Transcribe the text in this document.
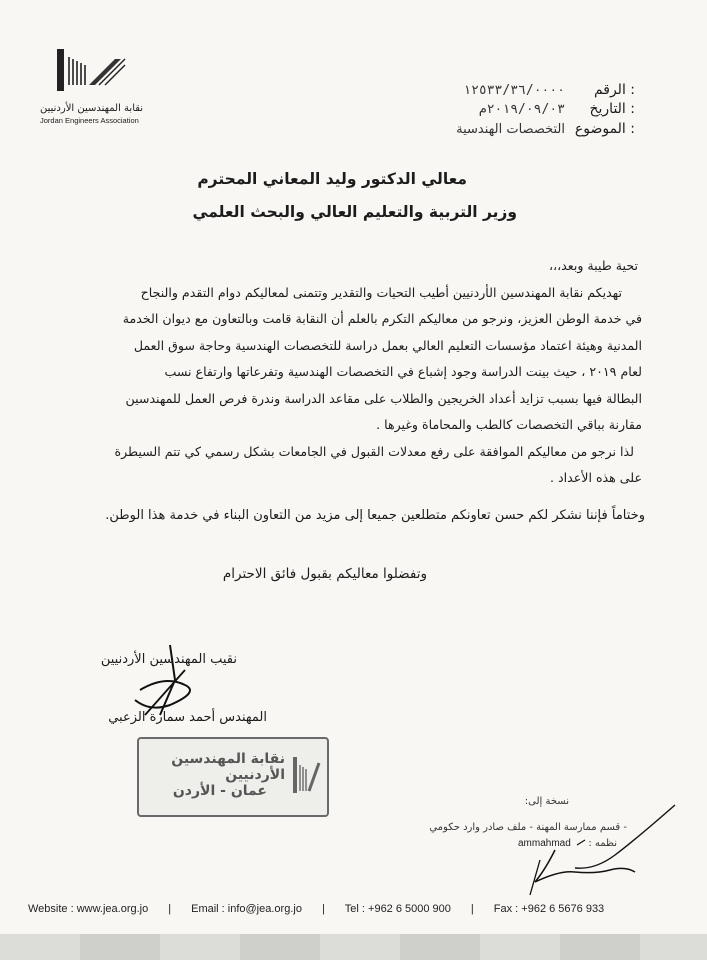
نقابة المهندسين الأردنيين
Jordan Engineers Association
الرقم :
١٢٥٣٣/٣٦/٠٠٠٠
التاريخ :
٢٠١٩/٠٩/٠٣م
الموضوع :
التخصصات الهندسية
معالي الدكتور وليد المعاني المحترم
وزير التربية والتعليم العالي والبحث العلمي
تحية طيبة وبعد،،،
تهديكم نقابة المهندسين الأردنيين أطيب التحيات والتقدير وتتمنى لمعاليكم دوام التقدم والنجاح
في خدمة الوطن العزيز، ونرجو من معاليكم التكرم بالعلم أن النقابة قامت وبالتعاون مع ديوان الخدمة
المدنية وهيئة اعتماد مؤسسات التعليم العالي بعمل دراسة للتخصصات الهندسية وحاجة سوق العمل
لعام ٢٠١٩ ، حيث بينت الدراسة وجود إشباع في التخصصات الهندسية وتفرعاتها وارتفاع نسب
البطالة فيها بسبب تزايد أعداد الخريجين والطلاب على مقاعد الدراسة وندرة فرص العمل للمهندسين
مقارنة بباقي التخصصات كالطب والمحاماة وغيرها .
لذا نرجو من معاليكم الموافقة على رفع معدلات القبول في الجامعات بشكل رسمي كي تتم السيطرة
على هذه الأعداد .
وختاماً فإننا نشكر لكم حسن تعاونكم متطلعين جميعا إلى مزيد من التعاون البناء في خدمة هذا الوطن.
وتفضلوا معاليكم بقبول فائق الاحترام
نقيب المهندسين الأردنيين
المهندس أحمد سمارة الزعبي
نقابة المهندسين الأردنيين
عمان - الأردن
نسخة إلى:
- قسم ممارسة المهنة - ملف صادر وارد حكومي
نظمه :
ammahmad
Website : www.jea.org.jo | Email : info@jea.org.jo | Tel : +962 6 5000 900 | Fax : +962 6 5676 933
